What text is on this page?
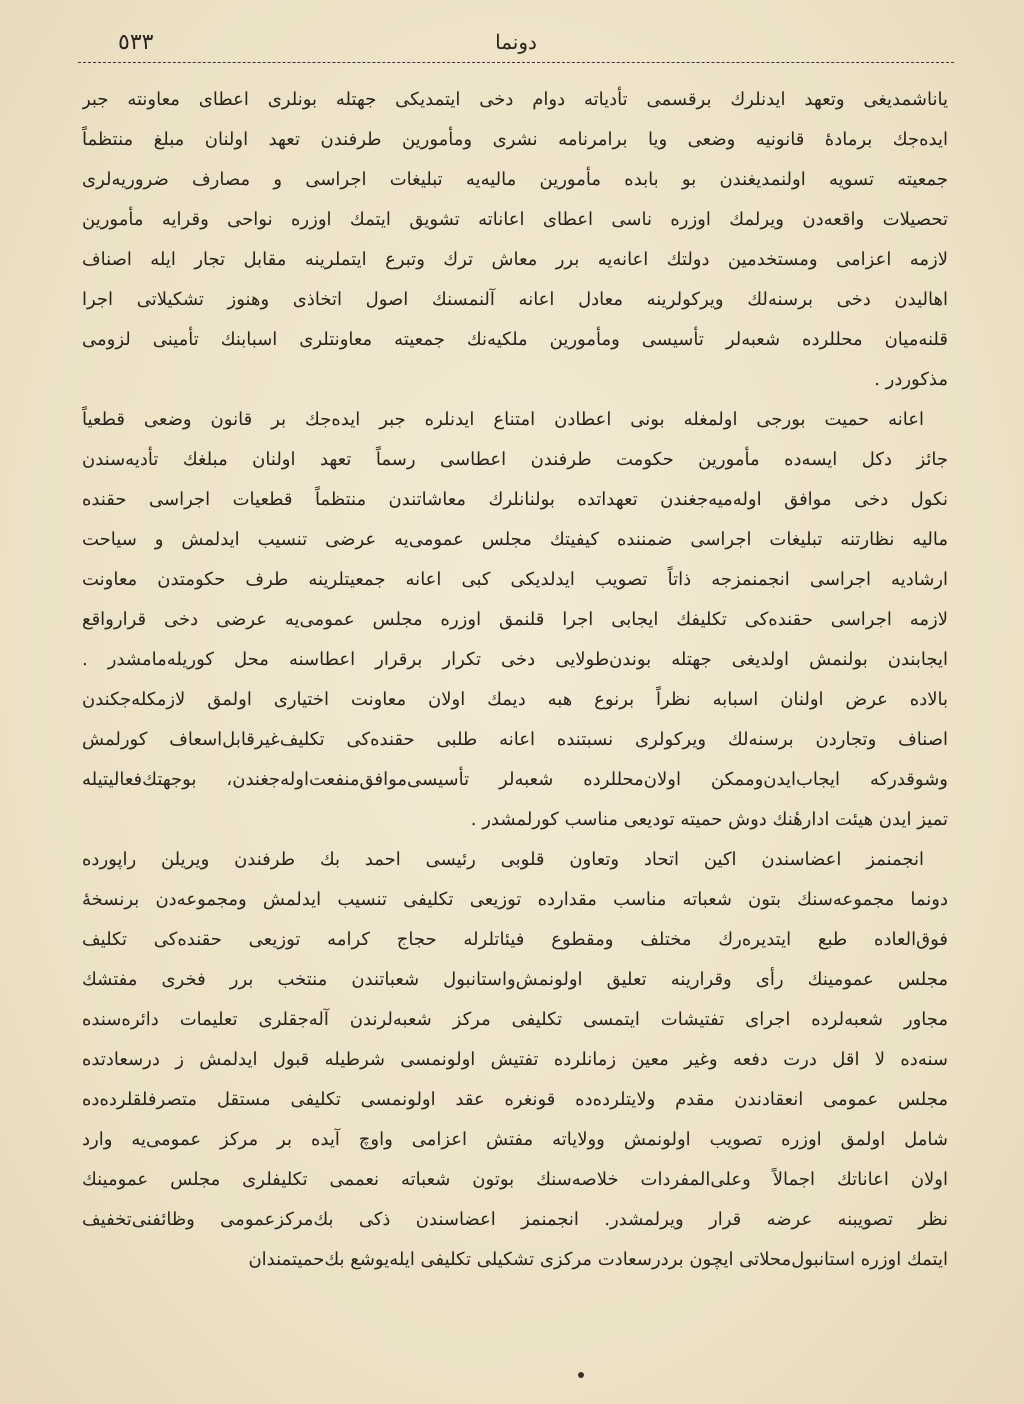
دونما
٥٣٣
یاناشمدیغی وتعهد ایدنلرك برقسمی تأدیاته دوام دخی ایتمدیکی جهتله بونلری اعطای معاونته جبر
ایده‌جك برمادهٔ قانونیه وضعی ویا برامرنامه نشری ومأمورین طرفندن تعهد اولنان مبلغ منتظماً
جمعیته تسویه اولنمدیغندن بو بابده مأمورین مالیه‌یه تبلیغات اجراسی و مصارف ضروریه‌لری
تحصیلات واقعه‌دن ویرلمك اوزره ناسی اعطای اعاناته تشویق ایتمك اوزره نواحی وقرایه مأمورین
لازمه اعزامی ومستخدمین دولتك اعانه‌یه برر معاش ترك وتبرع ایتملرینه مقابل تجار ایله اصناف
اهالیدن دخی برسنه‌لك ویرکولرینه معادل اعانه آلنمسنك اصول اتخاذی وهنوز تشکیلاتی اجرا
قلنه‌میان محللرده شعبه‌لر تأسیسی ومأمورین ملکیه‌نك جمعیته معاونتلری اسبابنك تأمینی لزومی
مذکوردر .
اعانه حمیت بورجی اولمغله بونی اعطادن امتناع ایدنلره جبر ایده‌جك بر قانون وضعی قطعیاً
جائز دکل ایسه‌ده مأمورین حکومت طرفندن اعطاسی رسماً تعهد اولنان مبلغك تأدیه‌سندن
نکول دخی موافق اوله‌میه‌جغندن تعهداتده بولنانلرك معاشاتندن منتظماً قطعیات اجراسی حقنده
مالیه نظارتنه تبلیغات اجراسی ضمننده کیفیتك مجلس عمومی‌یه عرضی تنسیب ایدلمش و سیاحت
ارشادیه اجراسی انجمنمزجه ذاتاً تصویب ایدلدیکی کبی اعانه جمعیتلرینه طرف حکومتدن معاونت
لازمه اجراسی حقنده‌کی تکلیفك ایجابی اجرا قلنمق اوزره مجلس عمومی‌یه عرضی دخی قرارواقع
ایجابندن بولنمش اولدیغی جهتله بوندن‌طولایی دخی تکرار برقرار اعطاسنه محل کوریله‌مامشدر .
بالاده عرض اولنان اسبابه نظراً برنوع هبه دیمك اولان معاونت اختیاری اولمق لازمکله‌جکندن
اصناف وتجاردن برسنه‌لك ویرکولری نسبتنده اعانه طلبی حقنده‌کی تکلیف‌غیرقابل‌اسعاف کورلمش
وشوقدرکه ایجاب‌ایدن‌وممکن اولان‌محللرده شعبه‌لر تأسیسی‌موافق‌منفعت‌اوله‌جغندن، بوجهتك‌فعالیتیله
تمیز ایدن هیئت ادارهٔنك دوش حمیته تودیعی مناسب کورلمشدر .
انجمنمز اعضاسندن اکین اتحاد وتعاون قلوبی رئیسی احمد بك طرفندن ویریلن راپورده
دونما مجموعه‌سنك بتون شعباته مناسب مقدارده توزیعی تکلیفی تنسیب ایدلمش ومجموعه‌دن برنسخهٔ
فوق‌العاده طبع ایتدیره‌رك مختلف ومقطوع فیئاتلرله حجاج کرامه توزیعی حقنده‌کی تکلیف
مجلس عمومینك رأی وقرارینه تعلیق اولونمش‌واستانبول شعباتندن منتخب برر فخری مفتشك
مجاور شعبه‌لرده اجرای تفتیشات ایتمسی تکلیفی مرکز شعبه‌لرندن آله‌جقلری تعلیمات دائره‌سنده
سنه‌ده لا اقل درت دفعه وغیر معین زمانلرده تفتیش اولونمسی شرطیله قبول ایدلمش ز درسعادتده
مجلس عمومی انعقادندن مقدم ولایتلرده‌ده قونغره عقد اولونمسی تکلیفی مستقل متصرفلقلرده‌ده
شامل اولمق اوزره تصویب اولونمش وولایاته مفتش اعزامی واوچ آیده بر مرکز عمومی‌یه وارد
اولان اعاناتك اجمالاً وعلی‌المفردات خلاصه‌سنك بوتون شعباته نعممی تکلیفلری مجلس عمومینك
نظر تصویبنه عرضه قرار ویرلمشدر. انجمنمز اعضاسندن ذکی بك‌مرکزعمومی وظائفنی‌تخفیف
ایتمك اوزره استانبول‌محلاتی ایچون بردرسعادت مرکزی تشکیلی تکلیفی ایله‌یوشع بك‌حمیتمندان
